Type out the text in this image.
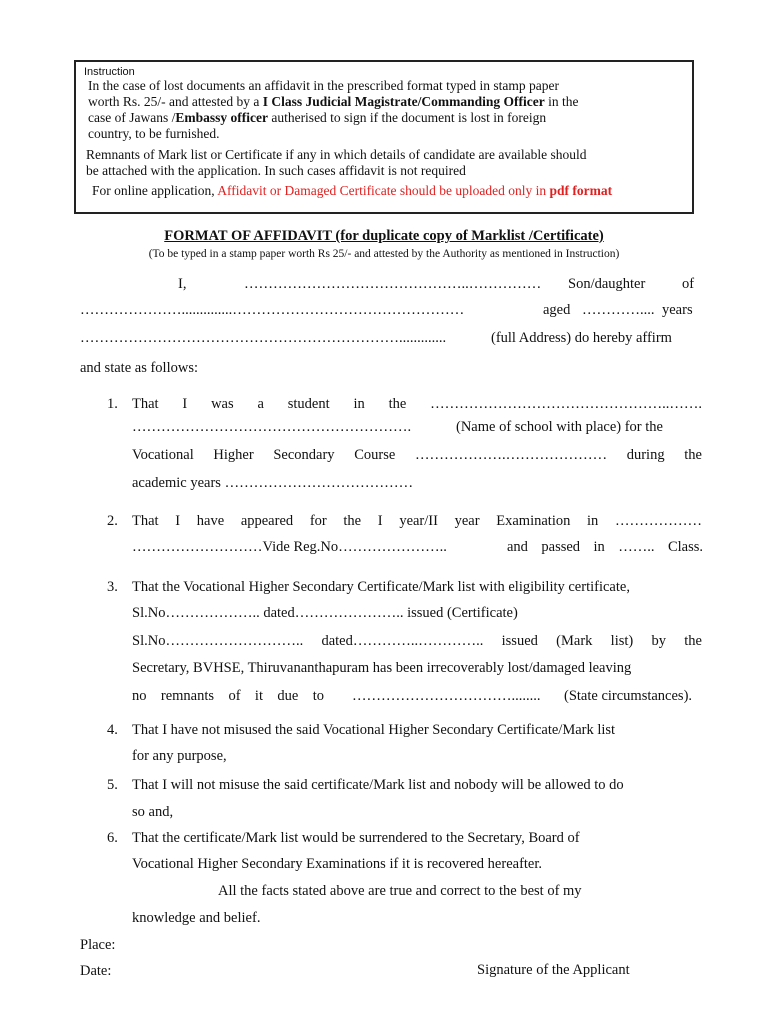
Instruction

In the case of lost documents an affidavit in the prescribed format typed in stamp paper
worth Rs. 25/- and attested by a I Class Judicial Magistrate/Commanding Officer in the
case of Jawans /Embassy officer autherised to sign if the document is lost in foreign
country, to be furnished.

Remnants of Mark list or Certificate if any in which details of candidate are available should
be attached with the application. In such cases affidavit is not required

For online application, Affidavit or Damaged Certificate should be uploaded only in pdf format

FORMAT OF AFFIDAVIT (for duplicate copy of Marklist /Certificate)
(To be typed in a stamp paper worth Rs 25/- and attested by the Authority as mentioned in Instruction)
I,	………………………………………..…………… Son/daughter	of
…………………..............…………………………………………	aged ………….... years
………………………………………………………….............	(full Address) do hereby affirm
and state as follows:
1. That I was a student in the …………………………………………..…….
………………………………………………….	(Name of school with place) for the
Vocational Higher Secondary Course ……………….………………… during the
academic years …………………………………
2. That I have appeared for the I year/II year Examination in ………………
………………………Vide Reg.No…………………..	and passed in …….. Class.
3. That the Vocational Higher Secondary Certificate/Mark list with eligibility certificate,
Sl.No……………….. dated………………….. issued (Certificate)
Sl.No……………………….. dated…………..………….. issued (Mark list) by the
Secretary, BVHSE, Thiruvananthapuram has been irrecoverably lost/damaged leaving
no remnants of it due to ……………………………........ (State circumstances).
4. That I have not misused the said Vocational Higher Secondary Certificate/Mark list
for any purpose,
5. That I will not misuse the said certificate/Mark list and nobody will be allowed to do
so and,
6. That the certificate/Mark list would be surrendered to the Secretary, Board of
Vocational Higher Secondary Examinations if it is recovered hereafter.
All the facts stated above are true and correct to the best of my
knowledge and belief.
Place:
Date:	Signature of the Applicant
